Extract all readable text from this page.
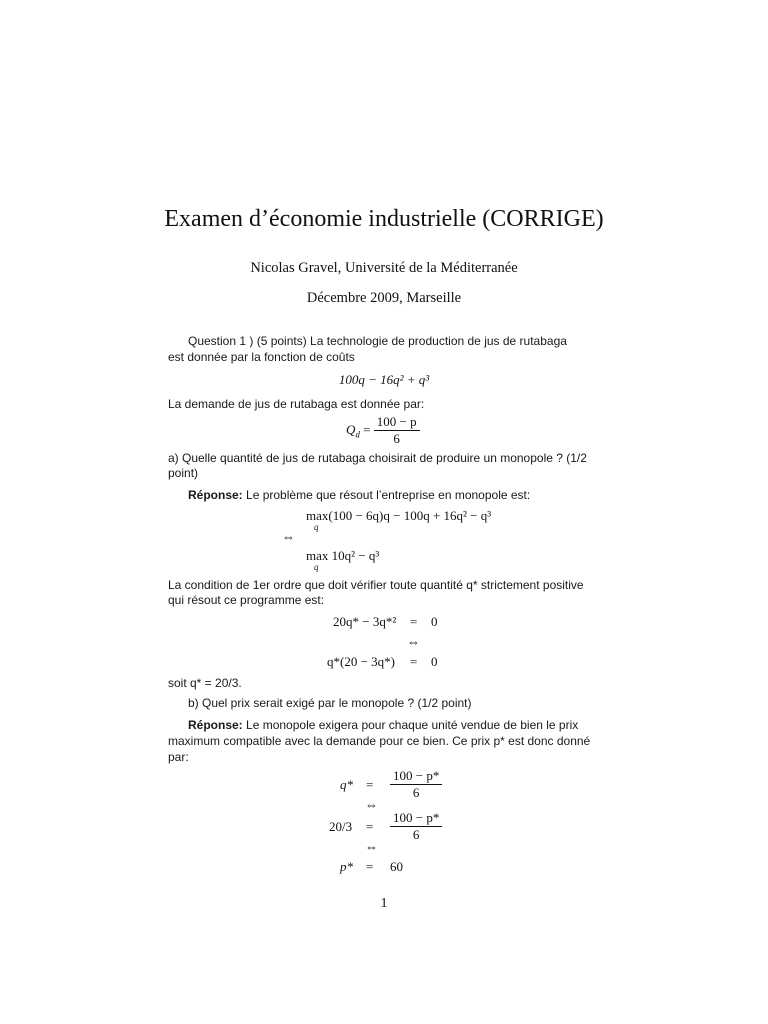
Examen d’économie industrielle (CORRIGE)
Nicolas Gravel, Université de la Méditerranée
Décembre 2009, Marseille
Question 1 ) (5 points) La technologie de production de jus de rutabaga
est donnée par la fonction de coûts
100q − 16q² + q³
La demande de jus de rutabaga est donnée par:
$Q_d = \frac{100 - p}{6}$
a) Quelle quantité de jus de rutabaga choisirait de produire un monopole ? (1/2
point)
Réponse: Le problème que résout l’entreprise en monopole est:
max(100 − 6q)q − 100q + 16q² − q³
q
⇔
max 10q² − q³
q
La condition de 1er ordre que doit vérifier toute quantité q* strictement positive
qui résout ce programme est:
20q* − 3q*² = 0
⇔
q*(20 − 3q*) = 0
soit q* = 20/3.
b) Quel prix serait exigé par le monopole ? (1/2 point)
Réponse: Le monopole exigera pour chaque unité vendue de bien le prix
maximum compatible avec la demande pour ce bien. Ce prix p* est donc donné
par:
$q* = \frac{100 - p*}{6}$
⇔
$20/3 = \frac{100 - p*}{6}$
⇔
p* = 60
1
